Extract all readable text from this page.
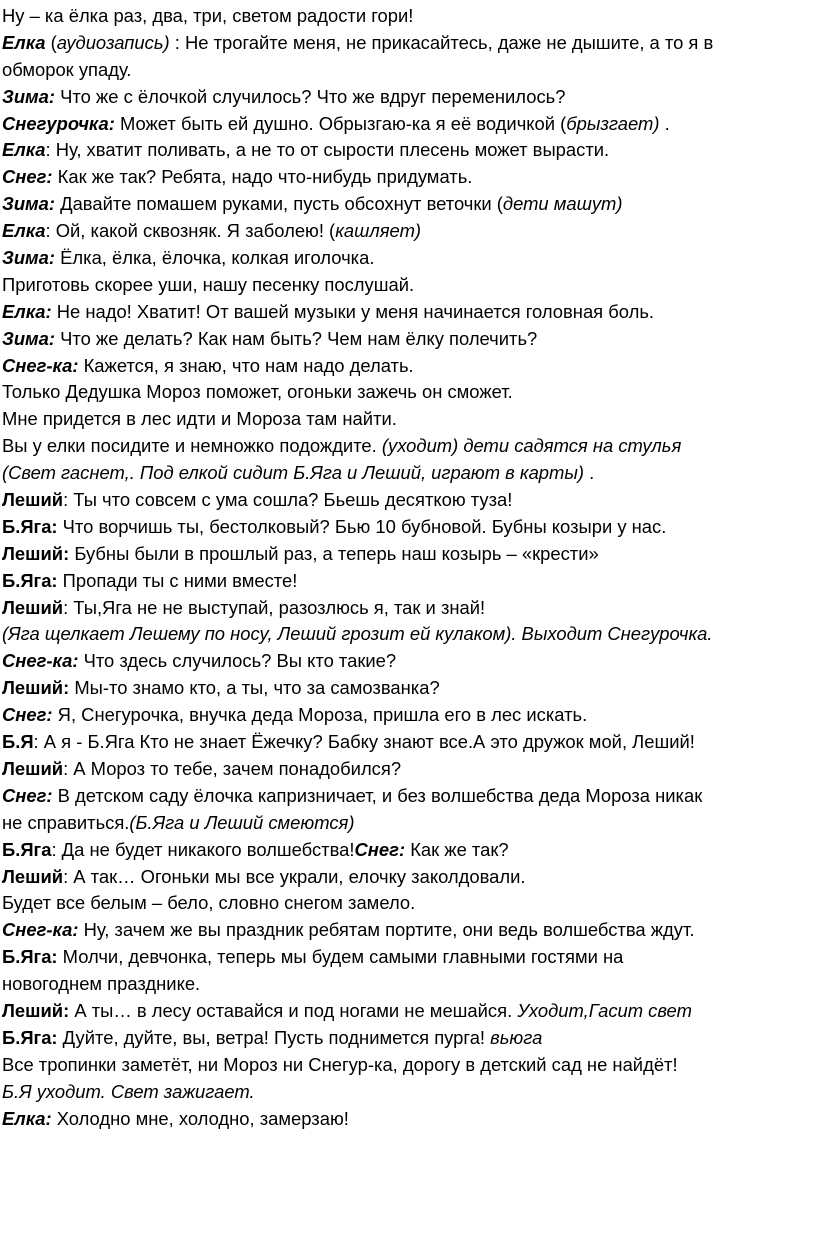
Ну – ка ёлка раз, два, три, светом радости гори!
Елка (аудиозапись) : Не трогайте меня, не прикасайтесь, даже не дышите, а то я в
обморок упаду.
Зима: Что же с ёлочкой случилось? Что же вдруг переменилось?
Снегурочка: Может быть ей душно. Обрызгаю-ка я её водичкой (брызгает) .
Елка: Ну, хватит поливать, а не то от сырости плесень может вырасти.
Снег: Как же так? Ребята, надо что-нибудь придумать.
Зима: Давайте помашем руками, пусть обсохнут веточки (дети машут)
Елка: Ой, какой сквозняк. Я заболею! (кашляет)
Зима: Ёлка, ёлка, ёлочка, колкая иголочка.
Приготовь скорее уши, нашу песенку послушай.
Елка: Не надо! Хватит! От вашей музыки у меня начинается головная боль.
Зима: Что же делать? Как нам быть? Чем нам ёлку полечить?
Снег-ка: Кажется, я знаю, что нам надо делать.
Только Дедушка Мороз поможет, огоньки зажечь он сможет.
Мне придется в лес идти и Мороза там найти.
Вы у елки посидите и немножко подождите. (уходит) дети садятся на стулья
(Свет гаснет,. Под елкой сидит Б.Яга и Леший, играют в карты) .
Леший: Ты что совсем с ума сошла? Бьешь десяткою туза!
Б.Яга: Что ворчишь ты, бестолковый? Бью 10 бубновой. Бубны козыри у нас.
Леший: Бубны были в прошлый раз, а теперь наш козырь – «крести»
Б.Яга: Пропади ты с ними вместе!
Леший: Ты,Яга не не выступай, разозлюсь я, так и знай!
(Яга щелкает Лешему по носу, Леший грозит ей кулаком). Выходит Снегурочка.
Снег-ка: Что здесь случилось? Вы кто такие?
Леший: Мы-то знамо кто, а ты, что за самозванка?
Снег: Я, Снегурочка, внучка деда Мороза, пришла его в лес искать.
Б.Я: А я - Б.Яга Кто не знает Ёжечку? Бабку знают все.А это дружок мой, Леший!
Леший: А Мороз то тебе, зачем понадобился?
Снег: В детском саду ёлочка капризничает, и без волшебства деда Мороза никак
не справиться.(Б.Яга и Леший смеются)
Б.Яга: Да не будет никакого волшебства!Снег: Как же так?
Леший: А так… Огоньки мы все украли, елочку заколдовали.
Будет все белым – бело, словно снегом замело.
Снег-ка: Ну, зачем же вы праздник ребятам портите, они ведь волшебства ждут.
Б.Яга: Молчи, девчонка, теперь мы будем самыми главными гостями на
новогоднем празднике.
Леший: А ты… в лесу оставайся и под ногами не мешайся. Уходит,Гасит свет
Б.Яга: Дуйте, дуйте, вы, ветра! Пусть поднимется пурга! вьюга
Все тропинки заметёт, ни Мороз ни Снегур-ка, дорогу в детский сад не найдёт!
Б.Я уходит. Свет зажигает.
Елка: Холодно мне, холодно, замерзаю!
